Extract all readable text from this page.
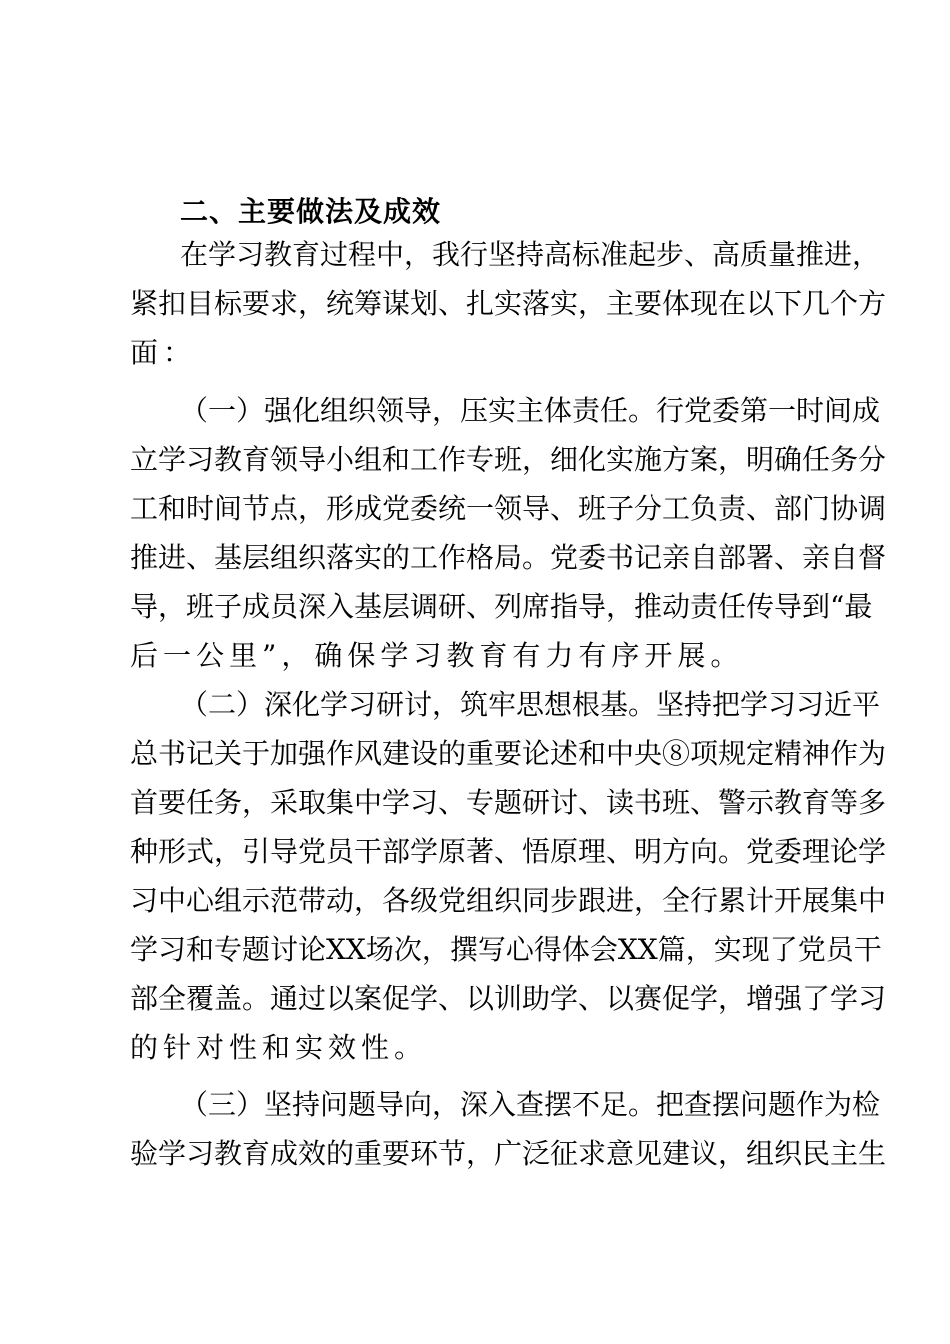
二、主要做法及成效
在学习教育过程中，我行坚持高标准起步、高质量推进，
紧扣目标要求，统筹谋划、扎实落实，主要体现在以下几个方
面：
（一）强化组织领导，压实主体责任。行党委第一时间成
立学习教育领导小组和工作专班，细化实施方案，明确任务分
工和时间节点，形成党委统一领导、班子分工负责、部门协调
推进、基层组织落实的工作格局。党委书记亲自部署、亲自督
导，班子成员深入基层调研、列席指导，推动责任传导到“最
后一公里”，确保学习教育有力有序开展。
（二）深化学习研讨，筑牢思想根基。坚持把学习习近平
总书记关于加强作风建设的重要论述和中央⑧项规定精神作为
首要任务，采取集中学习、专题研讨、读书班、警示教育等多
种形式，引导党员干部学原著、悟原理、明方向。党委理论学
习中心组示范带动，各级党组织同步跟进，全行累计开展集中
学习和专题讨论XX场次，撰写心得体会XX篇，实现了党员干
部全覆盖。通过以案促学、以训助学、以赛促学，增强了学习
的针对性和实效性。
（三）坚持问题导向，深入查摆不足。把查摆问题作为检
验学习教育成效的重要环节，广泛征求意见建议，组织民主生
